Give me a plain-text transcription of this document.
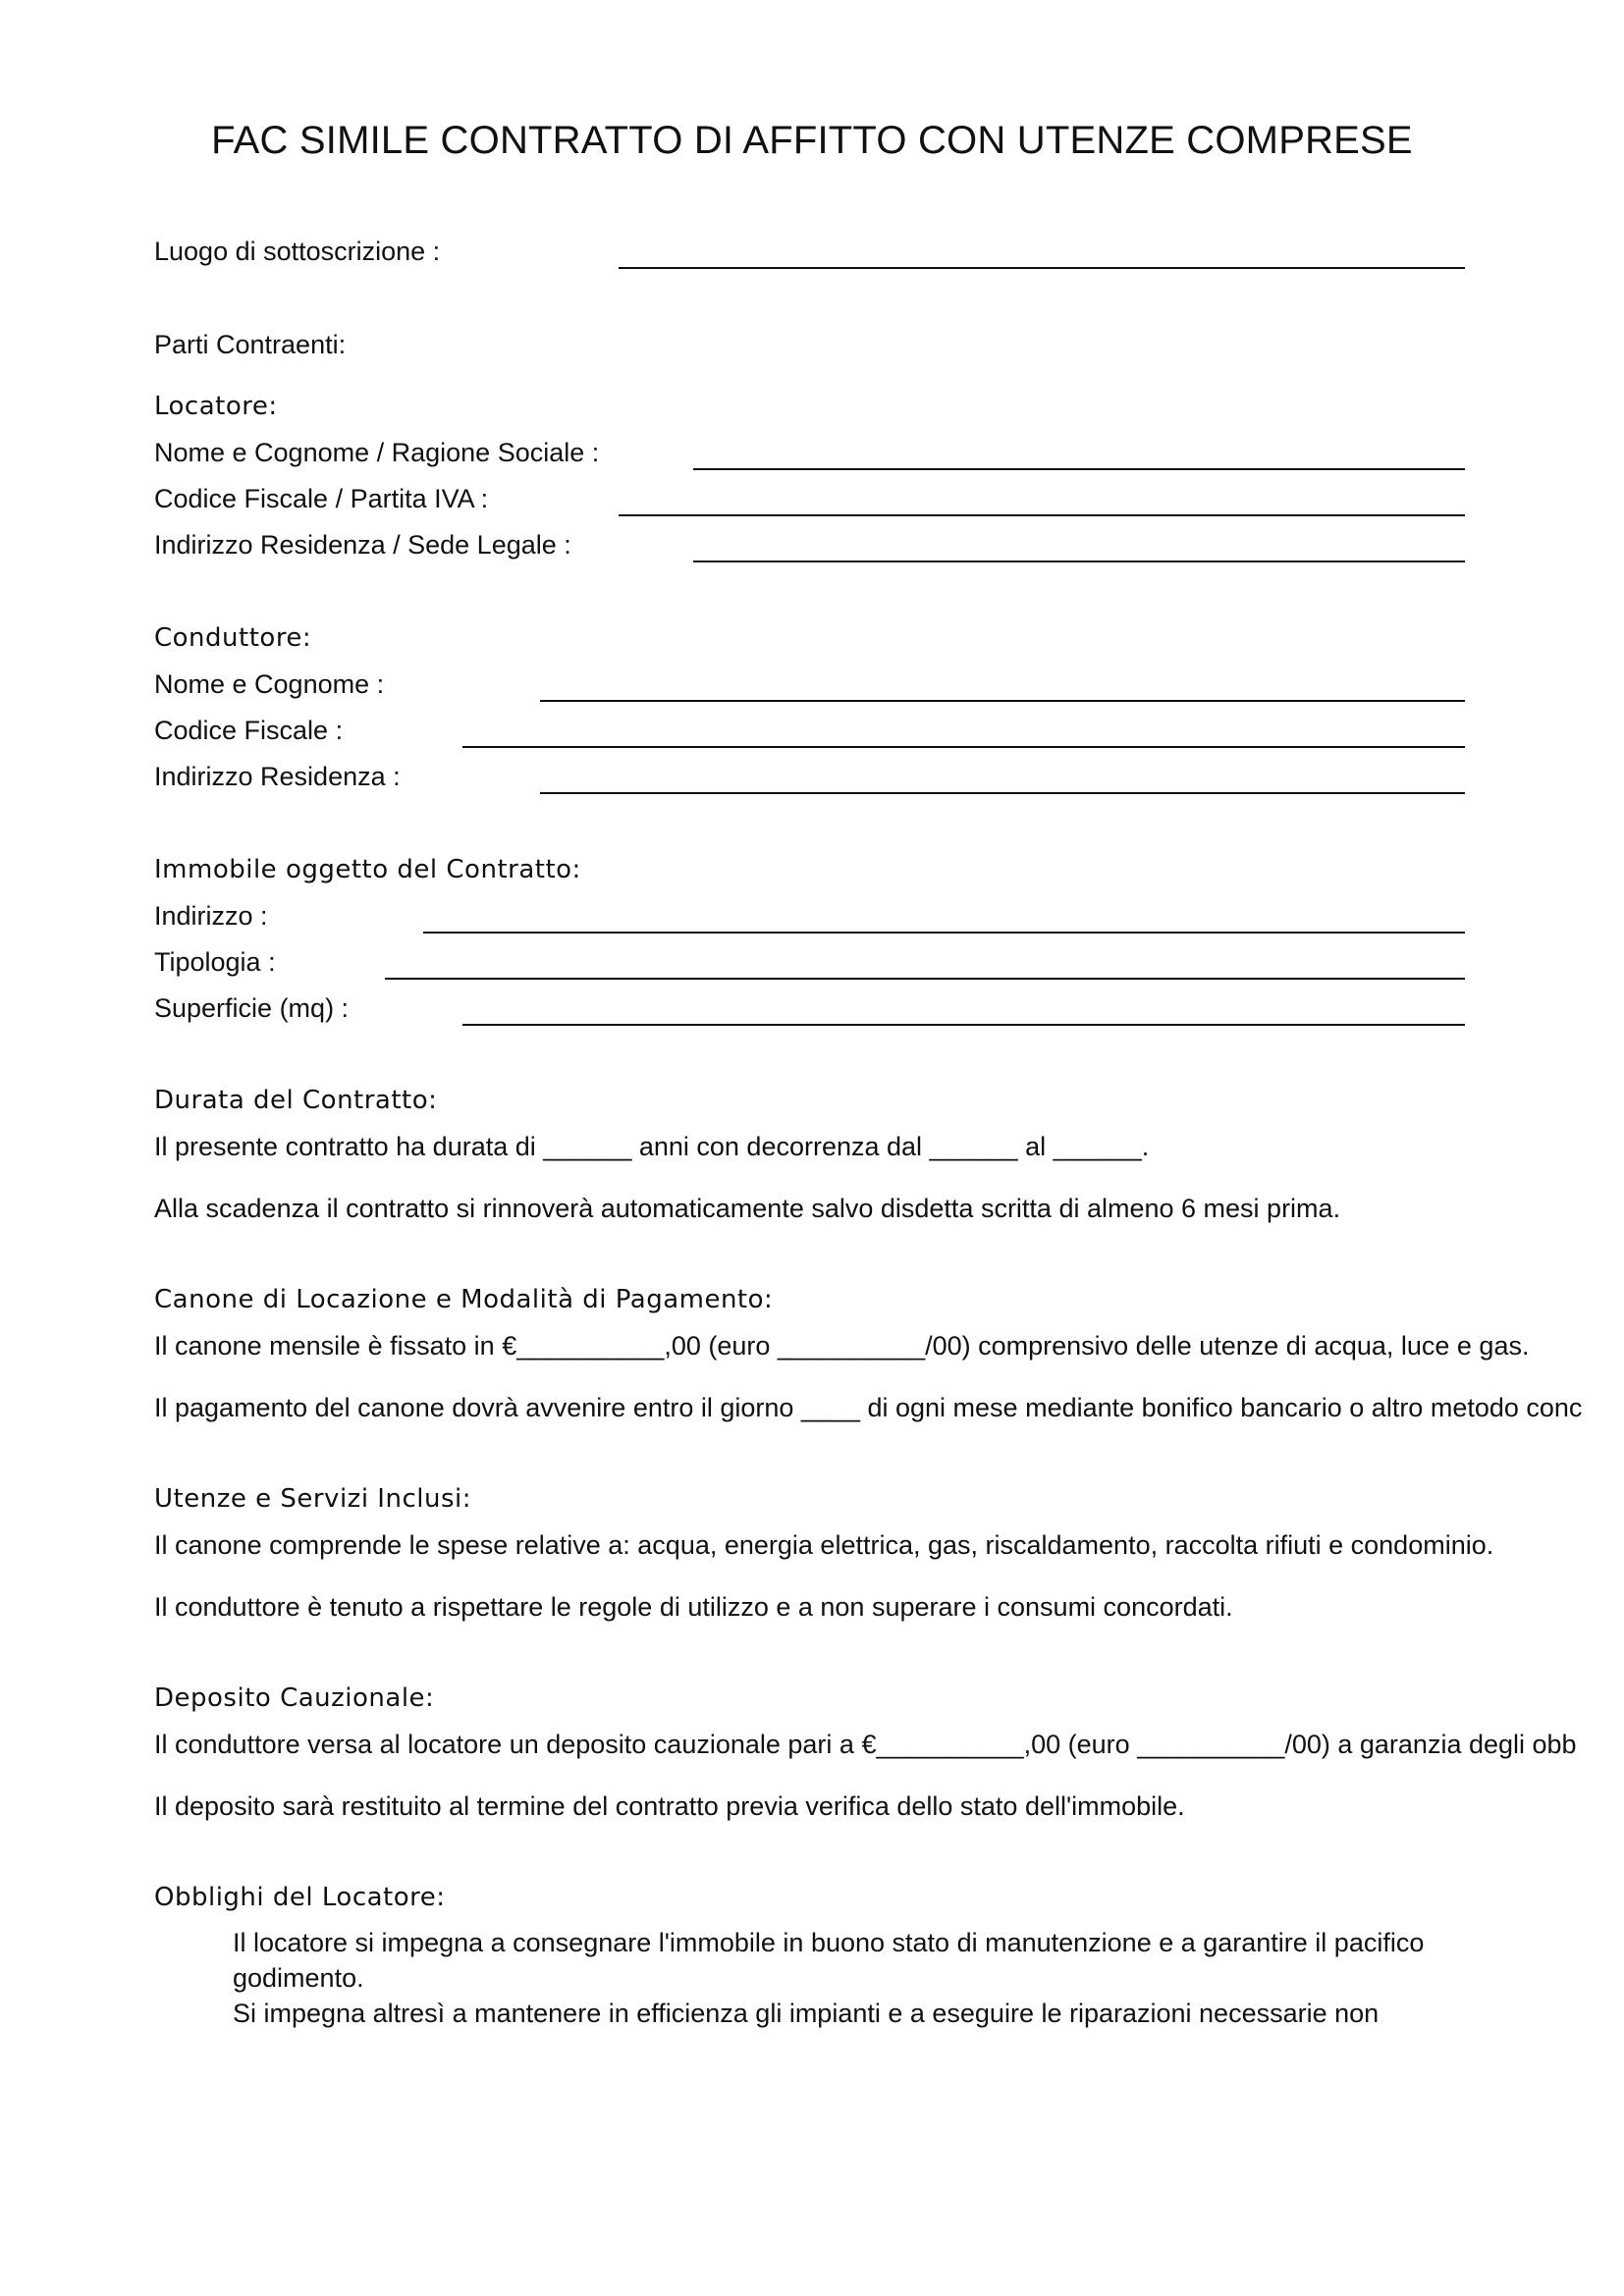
FAC SIMILE CONTRATTO DI AFFITTO CON UTENZE COMPRESE
Luogo di sottoscrizione :
Parti Contraenti:
Locatore:
Nome e Cognome / Ragione Sociale :
Codice Fiscale / Partita IVA :
Indirizzo Residenza / Sede Legale :
Conduttore:
Nome e Cognome :
Codice Fiscale :
Indirizzo Residenza :
Immobile oggetto del Contratto:
Indirizzo :
Tipologia :
Superficie (mq) :
Durata del Contratto:
Il presente contratto ha durata di ______ anni con decorrenza dal ______ al ______.
Alla scadenza il contratto si rinnoverà automaticamente salvo disdetta scritta di almeno 6 mesi prima.
Canone di Locazione e Modalità di Pagamento:
Il canone mensile è fissato in €__________,00 (euro __________/00) comprensivo delle utenze di acqua, luce e gas.
Il pagamento del canone dovrà avvenire entro il giorno ____ di ogni mese mediante bonifico bancario o altro metodo conc
Utenze e Servizi Inclusi:
Il canone comprende le spese relative a: acqua, energia elettrica, gas, riscaldamento, raccolta rifiuti e condominio.
Il conduttore è tenuto a rispettare le regole di utilizzo e a non superare i consumi concordati.
Deposito Cauzionale:
Il conduttore versa al locatore un deposito cauzionale pari a €__________,00 (euro __________/00) a garanzia degli obb
Il deposito sarà restituito al termine del contratto previa verifica dello stato dell'immobile.
Obblighi del Locatore:
Il locatore si impegna a consegnare l'immobile in buono stato di manutenzione e a garantire il pacifico
godimento.
Si impegna altresì a mantenere in efficienza gli impianti e a eseguire le riparazioni necessarie non
